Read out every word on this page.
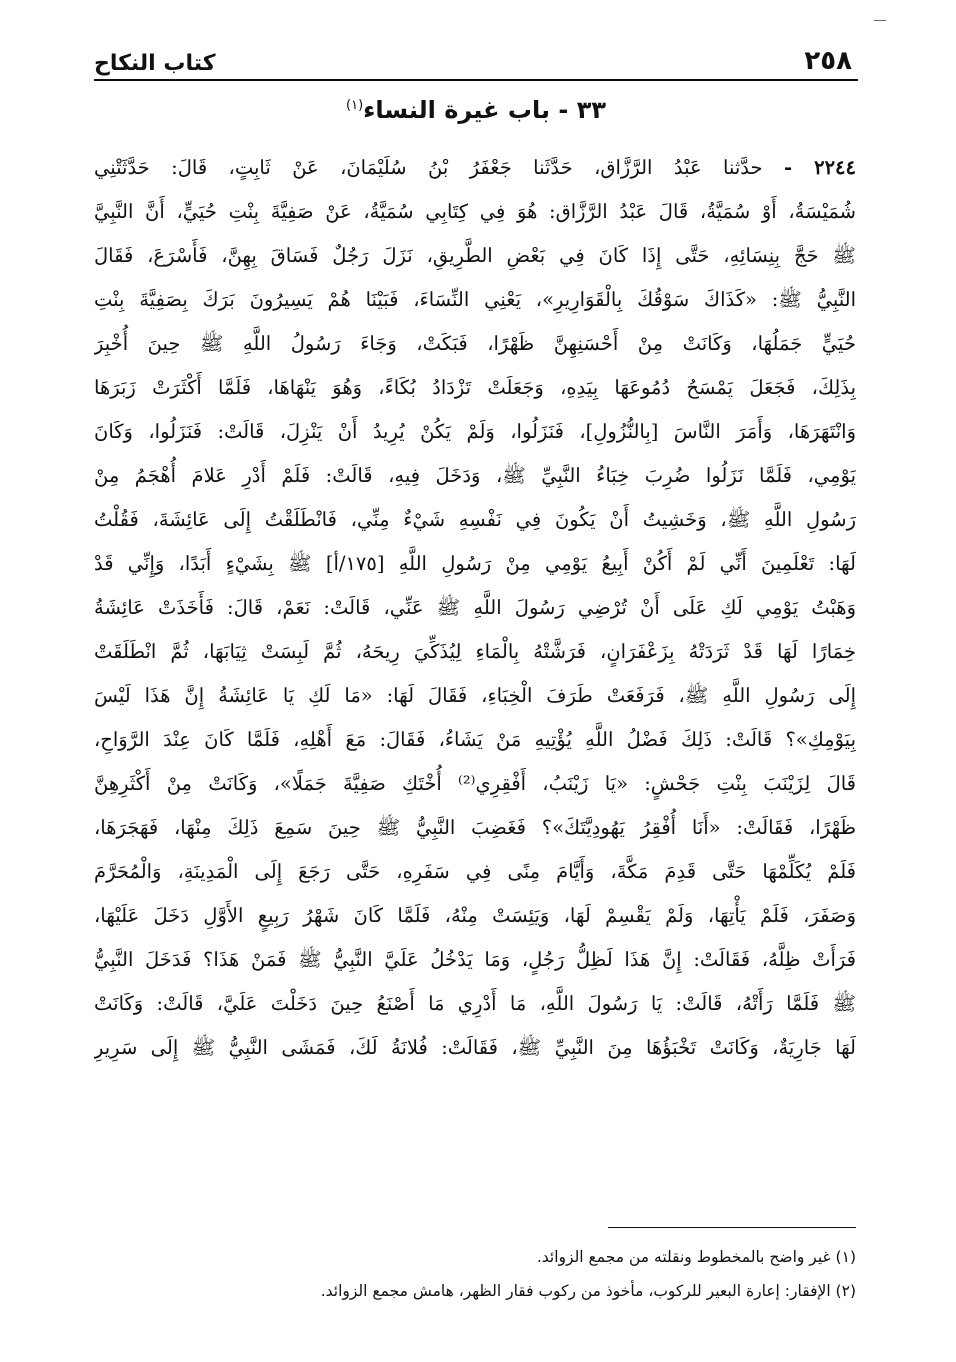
٢٥٨
كتاب النكاح
٣٣ - باب غيرة النساء$^{(١)}$
٢٢٤٤ - حدَّثنا عَبْدُ الرَّزَّاق، حَدَّثَنا جَعْفَرُ بْنُ سُلَيْمَانَ، عَنْ ثَابِتٍ، قَالَ: حَدَّثَتْنِي
شُمَيْسَةُ، أَوْ سُمَيَّةُ، قَالَ عَبْدُ الرَّزَّاق: هُوَ فِي كِتَابِي سُمَيَّةُ، عَنْ صَفِيَّةَ بِنْتِ حُيَيٍّ، أَنَّ النَّبِيَّ
ﷺ حَجَّ بِنِسَائِهِ، حَتَّى إِذَا كَانَ فِي بَعْضِ الطَّرِيقِ، نَزَلَ رَجُلٌ فَسَاقَ بِهِنَّ، فَأَسْرَعَ، فَقَالَ
النَّبِيُّ ﷺ: «كَذَاكَ سَوْقُكَ بِالْقَوَارِيرِ»، يَعْنِي النِّسَاءَ، فَبَيْنَا هُمْ يَسِيرُونَ بَرَكَ بِصَفِيَّةَ بِنْتِ
حُيَيٍّ جَمَلُهَا، وَكَانَتْ مِنْ أَحْسَنِهِنَّ ظَهْرًا، فَبَكَتْ، وَجَاءَ رَسُولُ اللَّهِ ﷺ حِينَ أُخْبِرَ
بِذَلِكَ، فَجَعَلَ يَمْسَحُ دُمُوعَهَا بِيَدِهِ، وَجَعَلَتْ تَزْدَادُ بُكَاءً، وَهُوَ يَنْهَاهَا، فَلَمَّا أَكْثَرَتْ زَبَرَهَا
وَانْتَهَرَهَا، وَأَمَرَ النَّاسَ [بِالنُّزُولِ]، فَنَزَلُوا، وَلَمْ يَكُنْ يُرِيدُ أَنْ يَنْزِلَ، قَالَتْ: فَنَزَلُوا، وَكَانَ
يَوْمِي، فَلَمَّا نَزَلُوا ضُرِبَ خِبَاءُ النَّبِيِّ ﷺ، وَدَخَلَ فِيهِ، قَالَتْ: فَلَمْ أَدْرِ عَلامَ أُهْجَمُ مِنْ
رَسُولِ اللَّهِ ﷺ، وَخَشِيتُ أَنْ يَكُونَ فِي نَفْسِهِ شَيْءٌ مِنِّي، فَانْطَلَقْتُ إِلَى عَائِشَةَ، فَقُلْتُ
لَهَا: تَعْلَمِينَ أَنِّي لَمْ أَكُنْ أَبِيعُ يَوْمِي مِنْ رَسُولِ اللَّهِ [١٧٥/أ] ﷺ بِشَيْءٍ أَبَدًا، وَإِنِّي قَدْ
وَهَبْتُ يَوْمِي لَكِ عَلَى أَنْ تُرْضِي رَسُولَ اللَّهِ ﷺ عَنِّي، قَالَتْ: نَعَمْ، قَالَ: فَأَخَذَتْ عَائِشَةُ
خِمَارًا لَهَا قَدْ ثَرَدَتْهُ بِزَعْفَرَانٍ، فَرَشَّتْهُ بِالْمَاءِ لِيُذَكِّيَ رِيحَهُ، ثُمَّ لَبِسَتْ ثِيَابَهَا، ثُمَّ انْطَلَقَتْ
إِلَى رَسُولِ اللَّهِ ﷺ، فَرَفَعَتْ طَرَفَ الْخِبَاءِ، فَقَالَ لَهَا: «مَا لَكِ يَا عَائِشَةُ إِنَّ هَذَا لَيْسَ
بِيَوْمِكِ»؟ قَالَتْ: ذَلِكَ فَضْلُ اللَّهِ يُؤْتِيهِ مَنْ يَشَاءُ، فَقَالَ: مَعَ أَهْلِهِ، فَلَمَّا كَانَ عِنْدَ الرَّوَاحِ،
قَالَ لِزَيْنَبَ بِنْتِ جَحْشٍ: «يَا زَيْنَبُ، أَفْقِرِي⁽²⁾ أُخْتَكِ صَفِيَّةَ جَمَلًا»، وَكَانَتْ مِنْ أَكْثَرِهِنَّ
ظَهْرًا، فَقَالَتْ: «أَنَا أُفْقِرُ يَهُودِيَّتَكَ»؟ فَغَضِبَ النَّبِيُّ ﷺ حِينَ سَمِعَ ذَلِكَ مِنْهَا، فَهَجَرَهَا،
فَلَمْ يُكَلِّمْهَا حَتَّى قَدِمَ مَكَّةَ، وَأَيَّامَ مِنًى فِي سَفَرِهِ، حَتَّى رَجَعَ إِلَى الْمَدِينَةِ، وَالْمُحَرَّمَ
وَصَفَرَ، فَلَمْ يَأْتِهَا، وَلَمْ يَقْسِمْ لَهَا، وَيَئِسَتْ مِنْهُ، فَلَمَّا كَانَ شَهْرُ رَبِيعٍ الأَوَّلِ دَخَلَ عَلَيْهَا،
فَرَأَتْ ظِلَّهُ، فَقَالَتْ: إِنَّ هَذَا لَظِلُّ رَجُلٍ، وَمَا يَدْخُلُ عَلَيَّ النَّبِيُّ ﷺ فَمَنْ هَذَا؟ فَدَخَلَ النَّبِيُّ
ﷺ فَلَمَّا رَأَتْهُ، قَالَتْ: يَا رَسُولَ اللَّهِ، مَا أَدْرِي مَا أَصْنَعُ حِينَ دَخَلْتَ عَلَيَّ، قَالَتْ: وَكَانَتْ
لَهَا جَارِيَةٌ، وَكَانَتْ تَخْبَؤُهَا مِنَ النَّبِيِّ ﷺ، فَقَالَتْ: فُلانَةُ لَكَ، فَمَشَى النَّبِيُّ ﷺ إِلَى سَرِيرِ
(١) غير واضح بالمخطوط ونقلته من مجمع الزوائد.
(٢) الإفقار: إعارة البعير للركوب، مأخوذ من ركوب فقار الظهر، هامش مجمع الزوائد.
